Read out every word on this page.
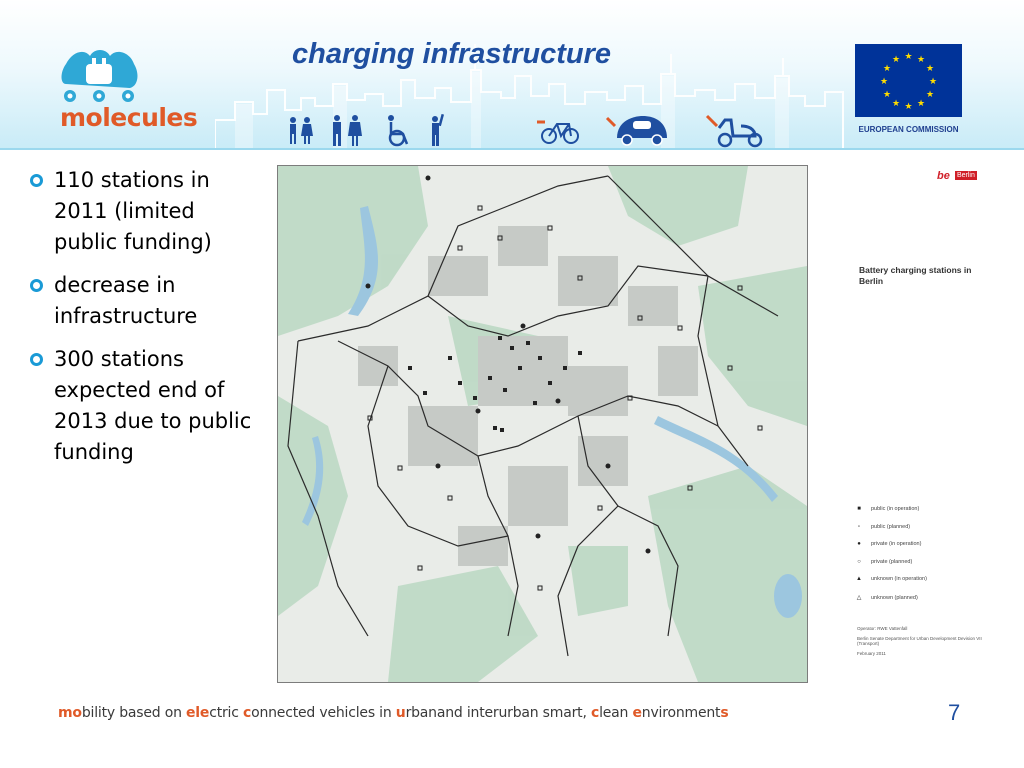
molecules
charging infrastructure	★ ★
★
★
★
★
★
★
★
★
★
★
EUROPEAN COMMISSION
110 stations in 2011 (limited public funding)
decrease in infrastructure
300 stations expected end of 2013 due to public funding
be Berlin
Battery charging stations in Berlin
■ public (in operation)
▫ public (planned)
● private (in operation)
○ private (planned)
▲ unknown (in operation)
△ unknown (planned)
Operator: RWE Vattenfall
Berlin Senate Department for Urban Development Devision VII (Transport)
February 2011
mobility based on electric connected vehicles in urbanand interurban smart, clean environments	7
